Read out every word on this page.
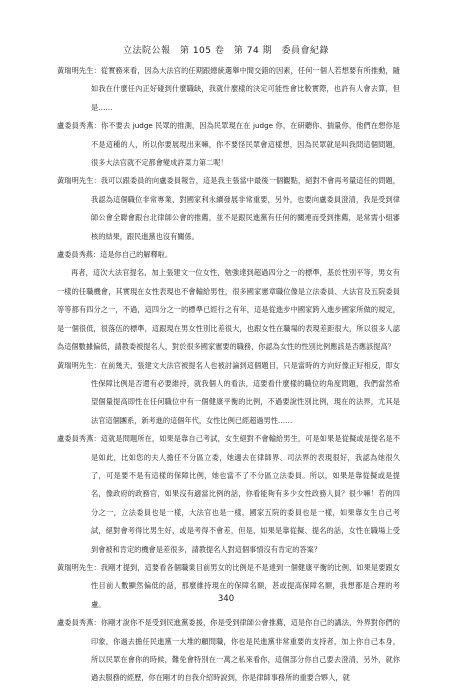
立法院公報　第 105 卷　第 74 期　委員會紀錄

黃瑞明先生：從實務來看，因為大法官的任期跟總統選舉中間交錯的因素，任何一個人若想要有所推動，隨如我在什麼任內正好碰到什麼職缺，我就什麼樣的決定可能性會比較實際，也許有人會去算，但是……

盧委員秀燕：你不要去 judge 民眾的推測，因為民眾現在在 judge 你，在研聽你、揣量你，他們在想你是不是這種的人，所以你要展現出來嘛，你不要怪民眾會這樣想，因為民眾就是叫我問這個問題，很多大法官就不定都會變成許菜力第二呢！

黃瑞明先生：我可以跟委員的向盧委員報告，這是我主張當中最後一個觀點，絕對不會再考量這任的問題，我認為這個職位非常專業，對國家利永續發展非常重要，另外，也要向盧委員澄清，我是受到律師公會全聯會跟台北律師公會的推薦，並不是跟民進黨有任何的關連而受到推薦，是常需小組審核的結果，跟民進黨也沒有關係。

盧委員秀燕：這是你自己的解釋啦。

再者，這次大法官提名，加上張建文一位女性，勉強達到超過四分之一的標準，基於性別平等，男女有一樣的任職機會，其實現在女性表現也不會輸給男性，很多國家憲章職位像是立法委員、大法官及五院委員等等都有四分之一，不過，這四分之一的標準已經行之有年，這是從進步中國家跨入進步國家所做的規定，是一個很低，很落伍的標準，這跟現在男女性別比差很大，也跟女性在職場的表現差距很大，所以很多人認為這個數據偏低，請教委被提名人，對於很多國家憲要的職務，你認為女性的性別比例應該是否應該提高？

黃瑞明先生：在前幾天，張建文大法官被提名人也被討論到這個題目，只是當時的方向好像正好相反，即女性保障比例是否還有必要維持，就我個人的看法，這要看什麼樣的職位的角度問題，我們當然希望個量提高即性在任何職位中有一個健康平衡的比例，不過要說性別比例，現在的法界，尤其是法官這個團系，新考進的這個年代，女性比例已經超過男性……

盧委員秀燕：這就是問題所在，如果是靠自己考試，女生絕對不會輸給男生，可是如果是從擬或是提名是不是如此，比如您的夫人擔任不分區立委，她適去在律師界、司法界的表現很好，我認為她很久了，可是要不是有這樣的保障比例，她也當不了不分區立法委員。所以，如果是靠從擬或是提名，像政府的政務官，如果沒有適當比例的話，你看能夠有多少女性政務人員？很少嘛！若的四分之一，立法委員也是一樣，大法官也是一樣，國家五院的委員也是一樣，如果靠女生自己考試，絕對會考得比男生好，或是考得不會差，但是，如果是靠從擬、提名的話，女性在職場上受到會被和肯定的機會是差很多，請教提名人對這個事情沒有肯定的答案？

黃瑞明先生：我剛才提到，這要看各個職業目前男女的比例是不是達到一個健康平衡的比例，如果是要跟女性目前人數顯然偏低的話，那麼維持現在的保障名額，甚或提高保障名額，我想都是合理的考慮。

盧委員秀燕：你剛才說你不是受到民進黨委援，你是受到律師公會推薦，這是你自己的講法，外界對你們的印象，你過去擔任民進黨一大堆的顧問職，你也是民進黨非常重要的支持者，加上你自己本身，所以民眾在會你的時候，難免會特別在一萬之私來看你，這個部分你自己要去澄清，另外，就你過去服務的經歷，你在剛才的自我介紹時說到，你是律師事務所的重要合夥人，就

340
